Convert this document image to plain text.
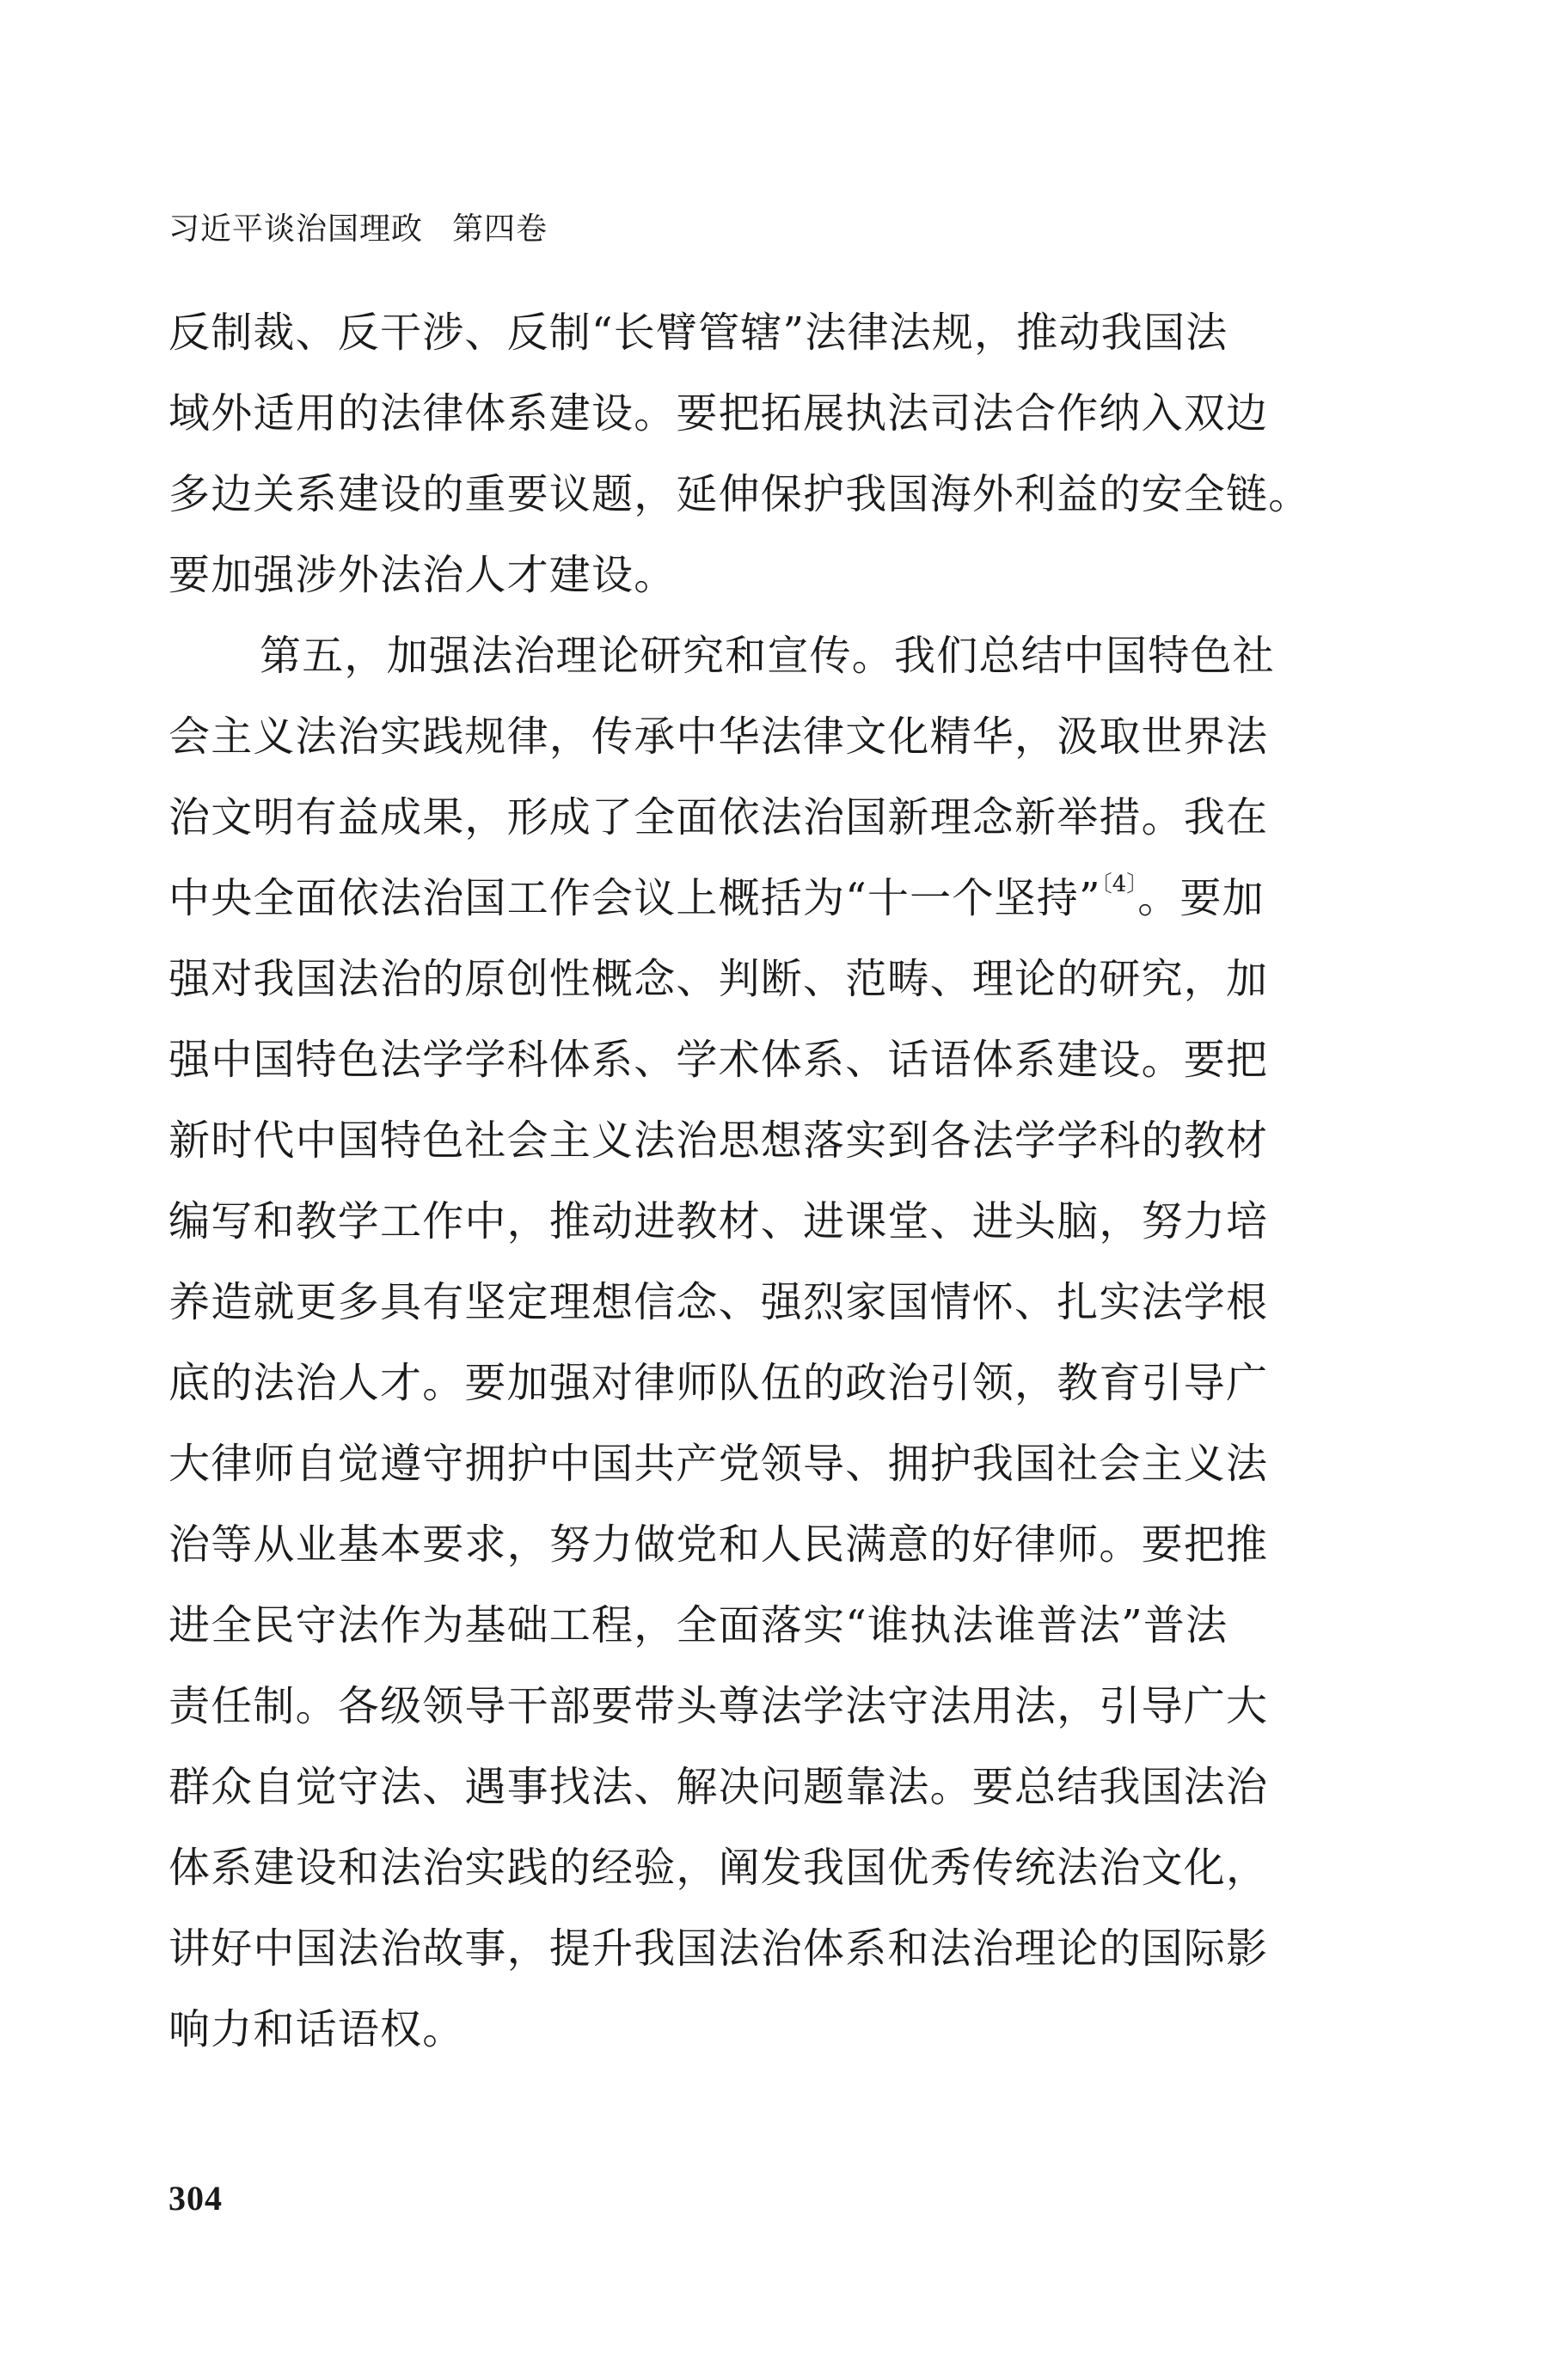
习近平谈治国理政 第四卷
反制裁、反干涉、反制“长臂管辖”法律法规，推动我国法
域外适用的法律体系建设。要把拓展执法司法合作纳入双边
多边关系建设的重要议题，延伸保护我国海外利益的安全链。
要加强涉外法治人才建设。
第五，加强法治理论研究和宣传。我们总结中国特色社
会主义法治实践规律，传承中华法律文化精华，汲取世界法
治文明有益成果，形成了全面依法治国新理念新举措。我在
中央全面依法治国工作会议上概括为“十一个坚持”$^{〔4〕}$。要加
强对我国法治的原创性概念、判断、范畴、理论的研究，加
强中国特色法学学科体系、学术体系、话语体系建设。要把
新时代中国特色社会主义法治思想落实到各法学学科的教材
编写和教学工作中，推动进教材、进课堂、进头脑，努力培
养造就更多具有坚定理想信念、强烈家国情怀、扎实法学根
底的法治人才。要加强对律师队伍的政治引领，教育引导广
大律师自觉遵守拥护中国共产党领导、拥护我国社会主义法
治等从业基本要求，努力做党和人民满意的好律师。要把推
进全民守法作为基础工程，全面落实“谁执法谁普法”普法
责任制。各级领导干部要带头尊法学法守法用法，引导广大
群众自觉守法、遇事找法、解决问题靠法。要总结我国法治
体系建设和法治实践的经验，阐发我国优秀传统法治文化，
讲好中国法治故事，提升我国法治体系和法治理论的国际影
响力和话语权。
304
